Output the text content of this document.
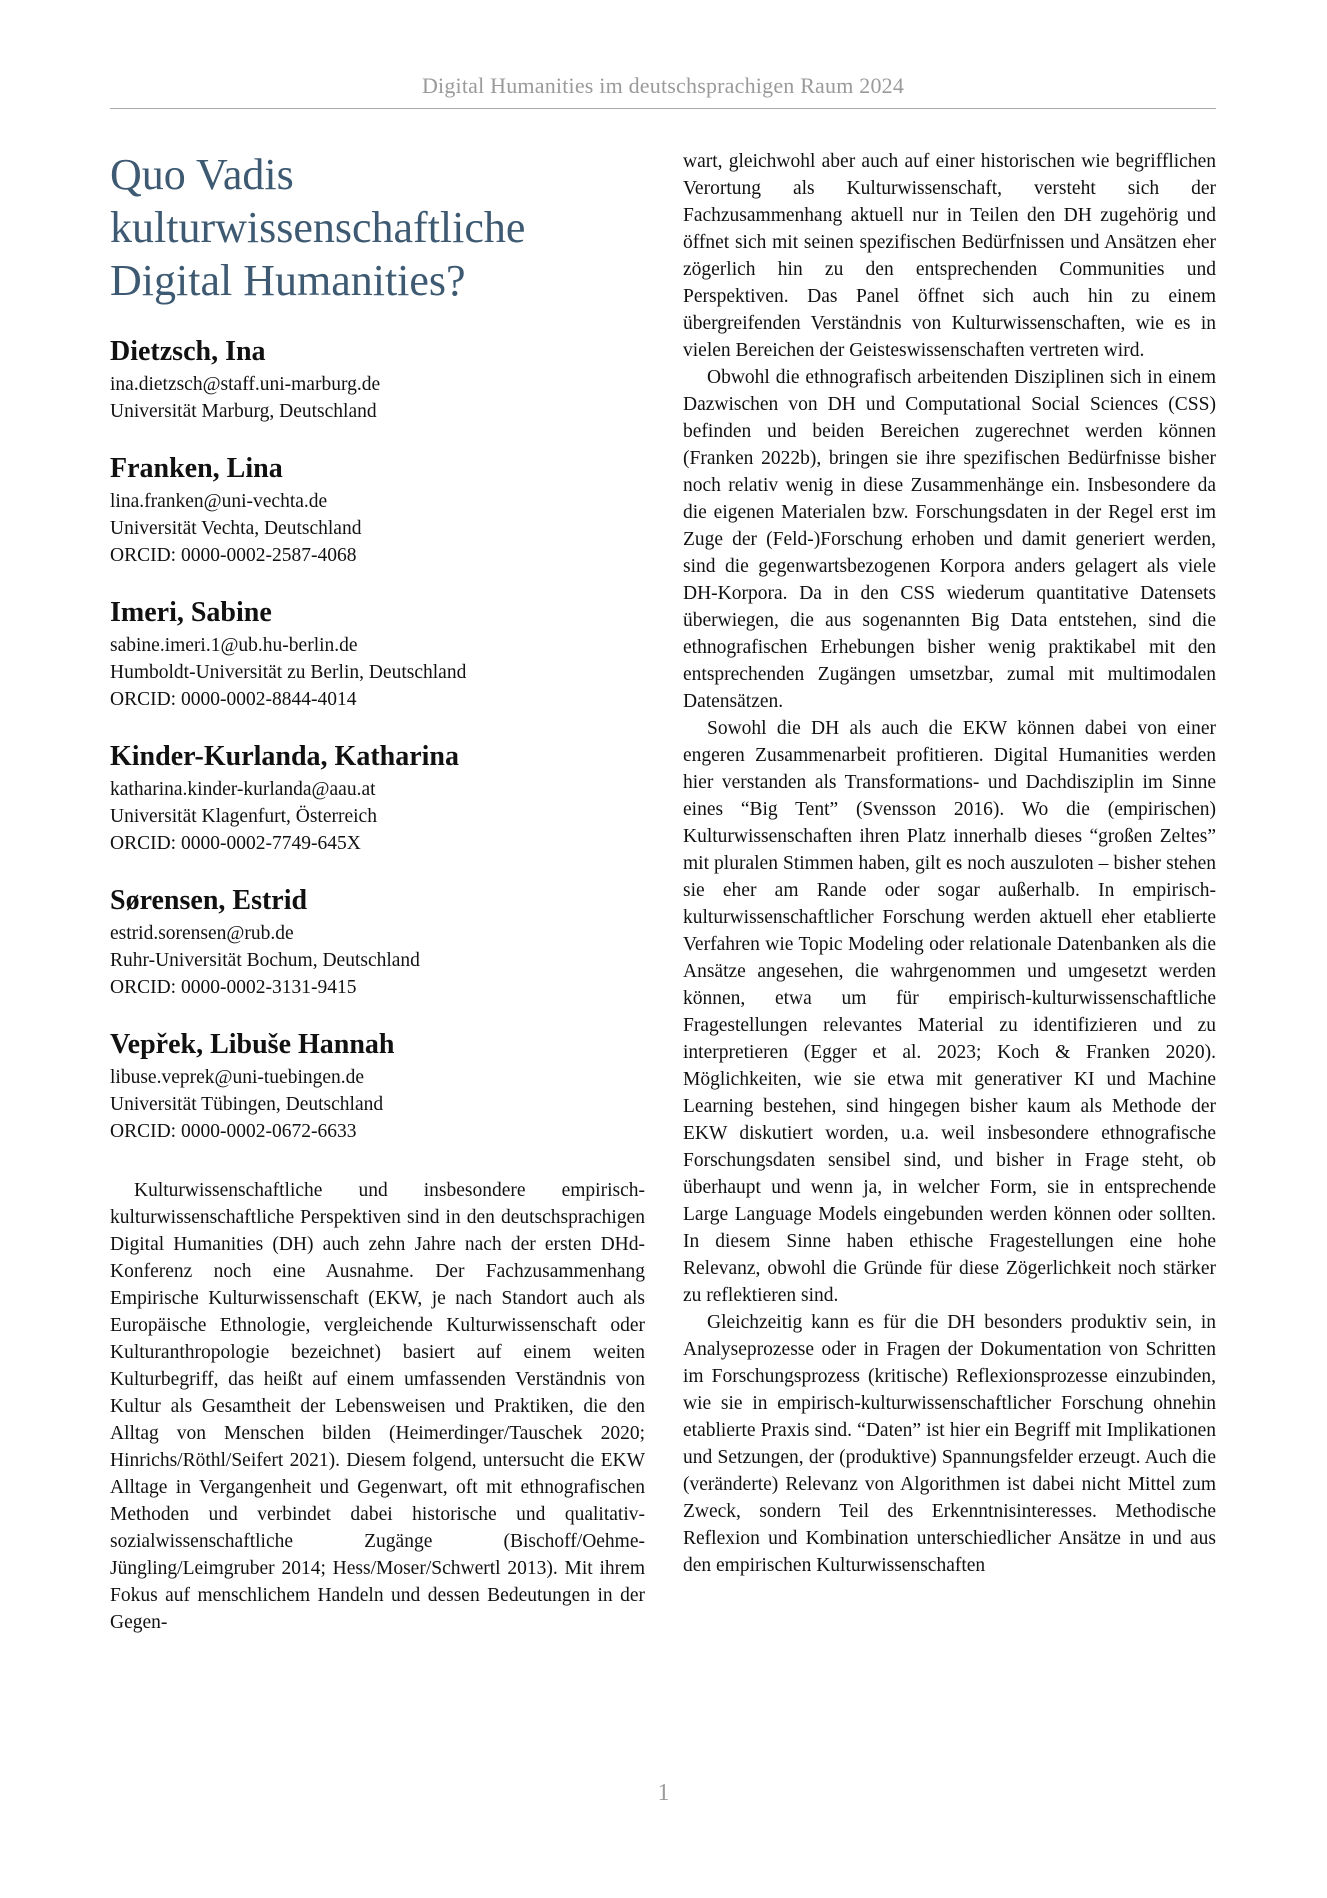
Digital Humanities im deutschsprachigen Raum 2024
Quo Vadis
kulturwissenschaftliche
Digital Humanities?
Dietzsch, Ina
ina.dietzsch@staff.uni-marburg.de
Universität Marburg, Deutschland
Franken, Lina
lina.franken@uni-vechta.de
Universität Vechta, Deutschland
ORCID: 0000-0002-2587-4068
Imeri, Sabine
sabine.imeri.1@ub.hu-berlin.de
Humboldt-Universität zu Berlin, Deutschland
ORCID: 0000-0002-8844-4014
Kinder-Kurlanda, Katharina
katharina.kinder-kurlanda@aau.at
Universität Klagenfurt, Österreich
ORCID: 0000-0002-7749-645X
Sørensen, Estrid
estrid.sorensen@rub.de
Ruhr-Universität Bochum, Deutschland
ORCID: 0000-0002-3131-9415
Vepřek, Libuše Hannah
libuse.veprek@uni-tuebingen.de
Universität Tübingen, Deutschland
ORCID: 0000-0002-0672-6633

Kulturwissenschaftliche und insbesondere empirisch-kulturwissenschaftliche Perspektiven sind in den deutschsprachigen Digital Humanities (DH) auch zehn Jahre nach der ersten DHd-Konferenz noch eine Ausnahme. Der Fachzusammenhang Empirische Kulturwissenschaft (EKW, je nach Standort auch als Europäische Ethnologie, vergleichende Kulturwissenschaft oder Kulturanthropologie bezeichnet) basiert auf einem weiten Kulturbegriff, das heißt auf einem umfassenden Verständnis von Kultur als Gesamtheit der Lebensweisen und Praktiken, die den Alltag von Menschen bilden (Heimerdinger/Tauschek 2020; Hinrichs/Röthl/Seifert 2021). Diesem folgend, untersucht die EKW Alltage in Vergangenheit und Gegenwart, oft mit ethnografischen Methoden und verbindet dabei historische und qualitativ-sozialwissenschaftliche Zugänge (Bischoff/Oehme-Jüngling/Leimgruber 2014; Hess/Moser/Schwertl 2013). Mit ihrem Fokus auf menschlichem Handeln und dessen Bedeutungen in der Gegen-

wart, gleichwohl aber auch auf einer historischen wie begrifflichen Verortung als Kulturwissenschaft, versteht sich der Fachzusammenhang aktuell nur in Teilen den DH zugehörig und öffnet sich mit seinen spezifischen Bedürfnissen und Ansätzen eher zögerlich hin zu den entsprechenden Communities und Perspektiven. Das Panel öffnet sich auch hin zu einem übergreifenden Verständnis von Kulturwissenschaften, wie es in vielen Bereichen der Geisteswissenschaften vertreten wird.

Obwohl die ethnografisch arbeitenden Disziplinen sich in einem Dazwischen von DH und Computational Social Sciences (CSS) befinden und beiden Bereichen zugerechnet werden können (Franken 2022b), bringen sie ihre spezifischen Bedürfnisse bisher noch relativ wenig in diese Zusammenhänge ein. Insbesondere da die eigenen Materialen bzw. Forschungsdaten in der Regel erst im Zuge der (Feld-)Forschung erhoben und damit generiert werden, sind die gegenwartsbezogenen Korpora anders gelagert als viele DH-Korpora. Da in den CSS wiederum quantitative Datensets überwiegen, die aus sogenannten Big Data entstehen, sind die ethnografischen Erhebungen bisher wenig praktikabel mit den entsprechenden Zugängen umsetzbar, zumal mit multimodalen Datensätzen.

Sowohl die DH als auch die EKW können dabei von einer engeren Zusammenarbeit profitieren. Digital Humanities werden hier verstanden als Transformations- und Dachdisziplin im Sinne eines “Big Tent” (Svensson 2016). Wo die (empirischen) Kulturwissenschaften ihren Platz innerhalb dieses “großen Zeltes” mit pluralen Stimmen haben, gilt es noch auszuloten – bisher stehen sie eher am Rande oder sogar außerhalb. In empirisch-kulturwissenschaftlicher Forschung werden aktuell eher etablierte Verfahren wie Topic Modeling oder relationale Datenbanken als die Ansätze angesehen, die wahrgenommen und umgesetzt werden können, etwa um für empirisch-kulturwissenschaftliche Fragestellungen relevantes Material zu identifizieren und zu interpretieren (Egger et al. 2023; Koch & Franken 2020). Möglichkeiten, wie sie etwa mit generativer KI und Machine Learning bestehen, sind hingegen bisher kaum als Methode der EKW diskutiert worden, u.a. weil insbesondere ethnografische Forschungsdaten sensibel sind, und bisher in Frage steht, ob überhaupt und wenn ja, in welcher Form, sie in entsprechende Large Language Models eingebunden werden können oder sollten. In diesem Sinne haben ethische Fragestellungen eine hohe Relevanz, obwohl die Gründe für diese Zögerlichkeit noch stärker zu reflektieren sind.

Gleichzeitig kann es für die DH besonders produktiv sein, in Analyseprozesse oder in Fragen der Dokumentation von Schritten im Forschungsprozess (kritische) Reflexionsprozesse einzubinden, wie sie in empirisch-kulturwissenschaftlicher Forschung ohnehin etablierte Praxis sind. “Daten” ist hier ein Begriff mit Implikationen und Setzungen, der (produktive) Spannungsfelder erzeugt. Auch die (veränderte) Relevanz von Algorithmen ist dabei nicht Mittel zum Zweck, sondern Teil des Erkenntnisinteresses. Methodische Reflexion und Kombination unterschiedlicher Ansätze in und aus den empirischen Kulturwissenschaften

1
